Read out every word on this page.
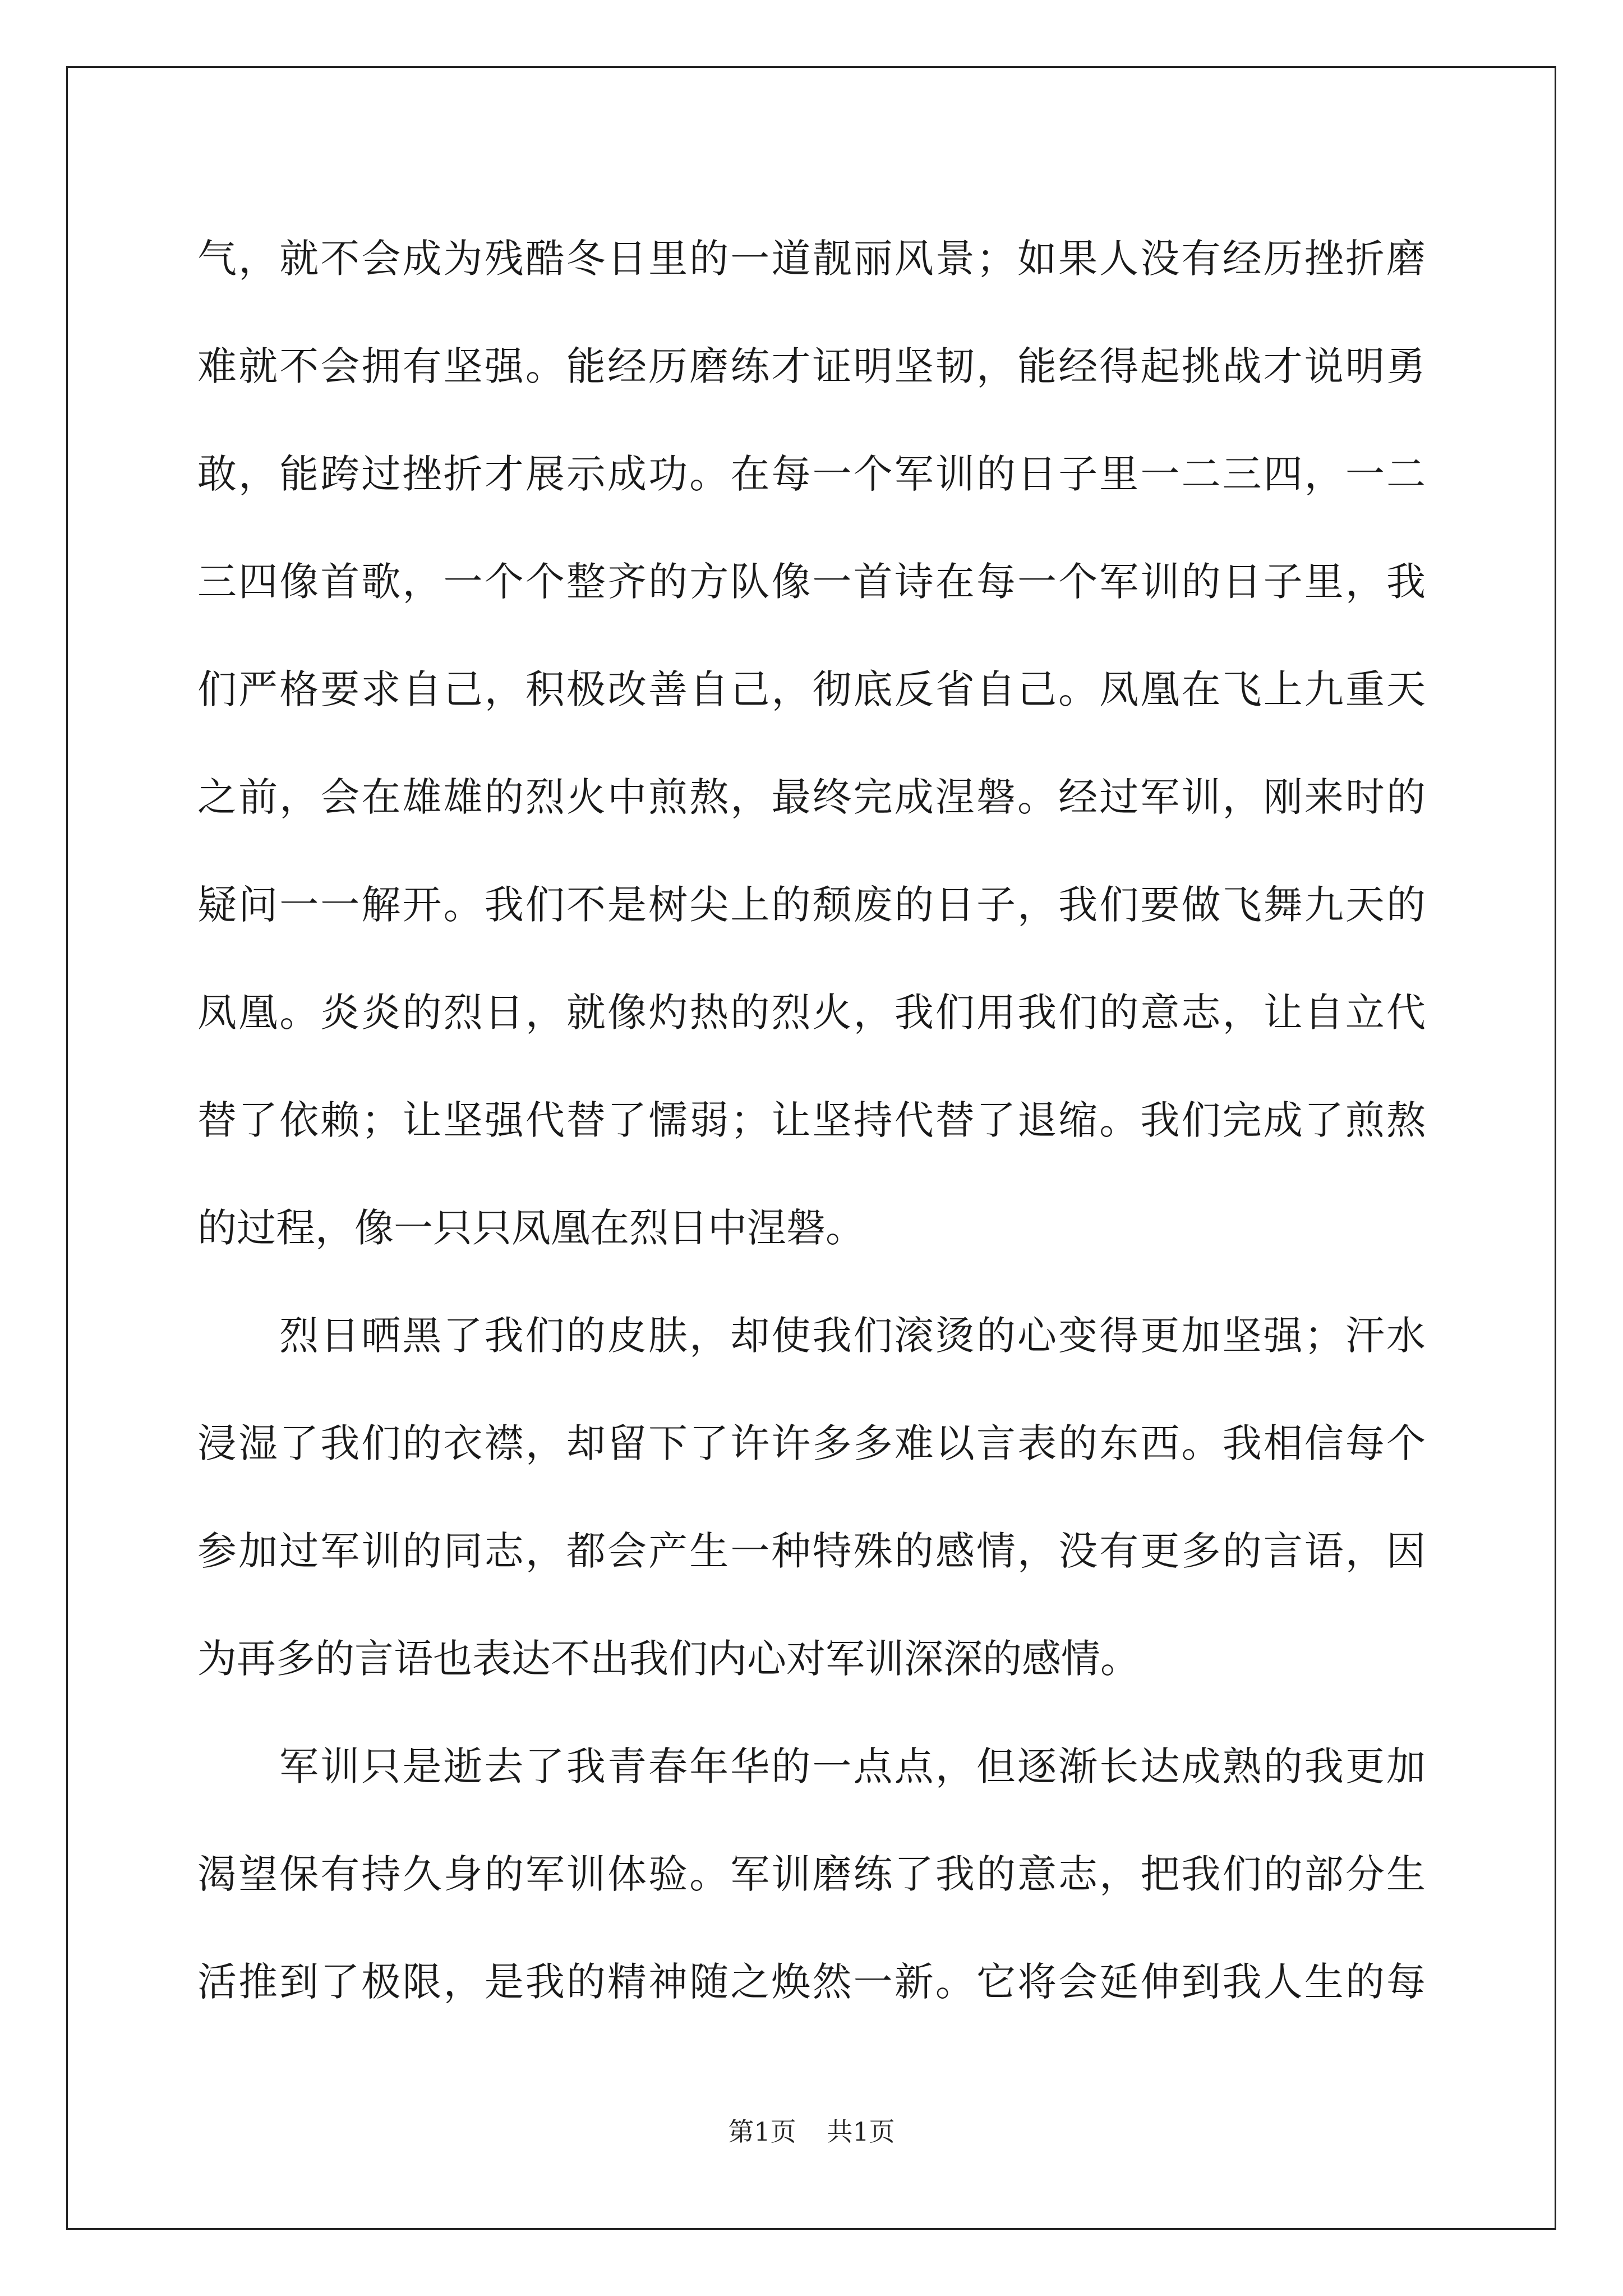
气，就不会成为残酷冬日里的一道靓丽风景；如果人没有经历挫折磨
难就不会拥有坚强。能经历磨练才证明坚韧，能经得起挑战才说明勇
敢，能跨过挫折才展示成功。在每一个军训的日子里一二三四，一二
三四像首歌，一个个整齐的方队像一首诗在每一个军训的日子里，我
们严格要求自己，积极改善自己，彻底反省自己。凤凰在飞上九重天
之前，会在雄雄的烈火中煎熬，最终完成涅磐。经过军训，刚来时的
疑问一一解开。我们不是树尖上的颓废的日子，我们要做飞舞九天的
凤凰。炎炎的烈日，就像灼热的烈火，我们用我们的意志，让自立代
替了依赖；让坚强代替了懦弱；让坚持代替了退缩。我们完成了煎熬
的过程，像一只只凤凰在烈日中涅磐。
烈日晒黑了我们的皮肤，却使我们滚烫的心变得更加坚强；汗水
浸湿了我们的衣襟，却留下了许许多多难以言表的东西。我相信每个
参加过军训的同志，都会产生一种特殊的感情，没有更多的言语，因
为再多的言语也表达不出我们内心对军训深深的感情。
军训只是逝去了我青春年华的一点点，但逐渐长达成熟的我更加
渴望保有持久身的军训体验。军训磨练了我的意志，把我们的部分生
活推到了极限，是我的精神随之焕然一新。它将会延伸到我人生的每
第1页 共1页
